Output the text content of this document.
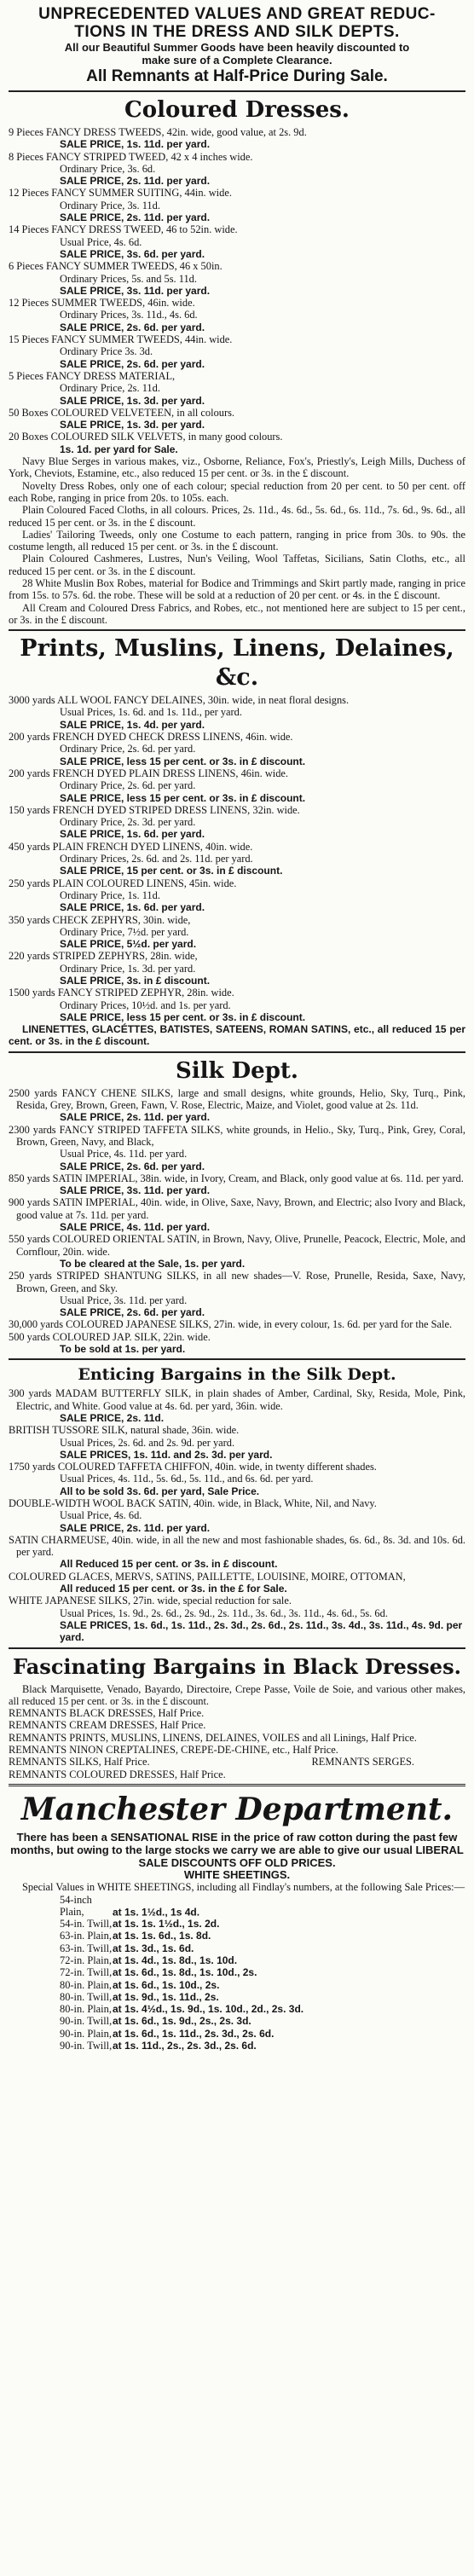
UNPRECEDENTED VALUES AND GREAT REDUC-
TIONS IN THE DRESS AND SILK DEPTS.
All our Beautiful Summer Goods have been heavily discounted to
make sure of a Complete Clearance.
All Remnants at Half-Price During Sale.
Coloured Dresses.

9 Pieces FANCY DRESS TWEEDS, 42in. wide, good value, at 2s. 9d.

SALE PRICE, 1s. 11d. per yard.

8 Pieces FANCY STRIPED TWEED, 42 x 4 inches wide.

Ordinary Price, 3s. 6d.
SALE PRICE, 2s. 11d. per yard.

12 Pieces FANCY SUMMER SUITING, 44in. wide.

Ordinary Price, 3s. 11d.
SALE PRICE, 2s. 11d. per yard.

14 Pieces FANCY DRESS TWEED, 46 to 52in. wide.

Usual Price, 4s. 6d.
SALE PRICE, 3s. 6d. per yard.

6 Pieces FANCY SUMMER TWEEDS, 46 x 50in.

Ordinary Prices, 5s. and 5s. 11d.
SALE PRICE, 3s. 11d. per yard.

12 Pieces SUMMER TWEEDS, 46in. wide.

Ordinary Prices, 3s. 11d., 4s. 6d.
SALE PRICE, 2s. 6d. per yard.

15 Pieces FANCY SUMMER TWEEDS, 44in. wide.

Ordinary Price 3s. 3d.
SALE PRICE, 2s. 6d. per yard.

5 Pieces FANCY DRESS MATERIAL,

Ordinary Price, 2s. 11d.
SALE PRICE, 1s. 3d. per yard.

50 Boxes COLOURED VELVETEEN, in all colours.

SALE PRICE, 1s. 3d. per yard.

20 Boxes COLOURED SILK VELVETS, in many good colours.

1s. 1d. per yard for Sale.

Navy Blue Serges in various makes, viz., Osborne, Reliance, Fox's, Priestly's, Leigh Mills, Duchess of York, Cheviots, Estamine, etc., also reduced 15 per cent. or 3s. in the £ discount.

Novelty Dress Robes, only one of each colour; special reduction from 20 per cent. to 50 per cent. off each Robe, ranging in price from 20s. to 105s. each.

Plain Coloured Faced Cloths, in all colours. Prices, 2s. 11d., 4s. 6d., 5s. 6d., 6s. 11d., 7s. 6d., 9s. 6d., all reduced 15 per cent. or 3s. in the £ discount.

Ladies' Tailoring Tweeds, only one Costume to each pattern, ranging in price from 30s. to 90s. the costume length, all reduced 15 per cent. or 3s. in the £ discount.

Plain Coloured Cashmeres, Lustres, Nun's Veiling, Wool Taffetas, Sicilians, Satin Cloths, etc., all reduced 15 per cent. or 3s. in the £ discount.

28 White Muslin Box Robes, material for Bodice and Trimmings and Skirt partly made, ranging in price from 15s. to 57s. 6d. the robe. These will be sold at a reduction of 20 per cent. or 4s. in the £ discount.

All Cream and Coloured Dress Fabrics, and Robes, etc., not mentioned here are subject to 15 per cent., or 3s. in the £ discount.

Prints, Muslins, Linens, Delaines, &c.

3000 yards ALL WOOL FANCY DELAINES, 30in. wide, in neat floral designs.

Usual Prices, 1s. 6d. and 1s. 11d., per yard.
SALE PRICE, 1s. 4d. per yard.

200 yards FRENCH DYED CHECK DRESS LINENS, 46in. wide.

Ordinary Price, 2s. 6d. per yard.
SALE PRICE, less 15 per cent. or 3s. in £ discount.

200 yards FRENCH DYED PLAIN DRESS LINENS, 46in. wide.

Ordinary Price, 2s. 6d. per yard.
SALE PRICE, less 15 per cent. or 3s. in £ discount.

150 yards FRENCH DYED STRIPED DRESS LINENS, 32in. wide.

Ordinary Price, 2s. 3d. per yard.
SALE PRICE, 1s. 6d. per yard.

450 yards PLAIN FRENCH DYED LINENS, 40in. wide.

Ordinary Prices, 2s. 6d. and 2s. 11d. per yard.
SALE PRICE, 15 per cent. or 3s. in £ discount.

250 yards PLAIN COLOURED LINENS, 45in. wide.

Ordinary Price, 1s. 11d.
SALE PRICE, 1s. 6d. per yard.

350 yards CHECK ZEPHYRS, 30in. wide,

Ordinary Price, 7½d. per yard.
SALE PRICE, 5½d. per yard.

220 yards STRIPED ZEPHYRS, 28in. wide,

Ordinary Price, 1s. 3d. per yard.
SALE PRICE, 3s. in £ discount.

1500 yards FANCY STRIPED ZEPHYR, 28in. wide.

Ordinary Prices, 10½d. and 1s. per yard.
SALE PRICE, less 15 per cent. or 3s. in £ discount.

LINENETTES, GLACÉTTES, BATISTES, SATEENS, ROMAN SATINS, etc., all reduced 15 per cent. or 3s. in the £ discount.

Silk Dept.

2500 yards FANCY CHENE SILKS, large and small designs, white grounds, Helio, Sky, Turq., Pink, Resida, Grey, Brown, Green, Fawn, V. Rose, Electric, Maize, and Violet, good value at 2s. 11d.

SALE PRICE, 2s. 11d. per yard.

2300 yards FANCY STRIPED TAFFETA SILKS, white grounds, in Helio., Sky, Turq., Pink, Grey, Coral, Brown, Green, Navy, and Black,

Usual Price, 4s. 11d. per yard.
SALE PRICE, 2s. 6d. per yard.

850 yards SATIN IMPERIAL, 38in. wide, in Ivory, Cream, and Black, only good value at 6s. 11d. per yard.

SALE PRICE, 3s. 11d. per yard.

900 yards SATIN IMPERIAL, 40in. wide, in Olive, Saxe, Navy, Brown, and Electric; also Ivory and Black, good value at 7s. 11d. per yard.

SALE PRICE, 4s. 11d. per yard.

550 yards COLOURED ORIENTAL SATIN, in Brown, Navy, Olive, Prunelle, Peacock, Electric, Mole, and Cornflour, 20in. wide.

To be cleared at the Sale, 1s. per yard.

250 yards STRIPED SHANTUNG SILKS, in all new shades—V. Rose, Prunelle, Resida, Saxe, Navy, Brown, Green, and Sky.

Usual Price, 3s. 11d. per yard.
SALE PRICE, 2s. 6d. per yard.

30,000 yards COLOURED JAPANESE SILKS, 27in. wide, in every colour, 1s. 6d. per yard for the Sale.

500 yards COLOURED JAP. SILK, 22in. wide.

To be sold at 1s. per yard.
Enticing Bargains in the Silk Dept.

300 yards MADAM BUTTERFLY SILK, in plain shades of Amber, Cardinal, Sky, Resida, Mole, Pink, Electric, and White. Good value at 4s. 6d. per yard, 36in. wide.

SALE PRICE, 2s. 11d.

BRITISH TUSSORE SILK, natural shade, 36in. wide.

Usual Prices, 2s. 6d. and 2s. 9d. per yard.
SALE PRICES, 1s. 11d. and 2s. 3d. per yard.

1750 yards COLOURED TAFFETA CHIFFON, 40in. wide, in twenty different shades.

Usual Prices, 4s. 11d., 5s. 6d., 5s. 11d., and 6s. 6d. per yard.
All to be sold 3s. 6d. per yard, Sale Price.

DOUBLE-WIDTH WOOL BACK SATIN, 40in. wide, in Black, White, Nil, and Navy.

Usual Price, 4s. 6d.
SALE PRICE, 2s. 11d. per yard.

SATIN CHARMEUSE, 40in. wide, in all the new and most fashionable shades, 6s. 6d., 8s. 3d. and 10s. 6d. per yard.

All Reduced 15 per cent. or 3s. in £ discount.

COLOURED GLACES, MERVS, SATINS, PAILLETTE, LOUISINE, MOIRE, OTTOMAN,

All reduced 15 per cent. or 3s. in the £ for Sale.

WHITE JAPANESE SILKS, 27in. wide, special reduction for sale.

Usual Prices, 1s. 9d., 2s. 6d., 2s. 9d., 2s. 11d., 3s. 6d., 3s. 11d., 4s. 6d., 5s. 6d.
SALE PRICES, 1s. 6d., 1s. 11d., 2s. 3d., 2s. 6d., 2s. 11d., 3s. 4d., 3s. 11d., 4s. 9d. per yard.
Fascinating Bargains in Black Dresses.

Black Marquisette, Venado, Bayardo, Directoire, Crepe Passe, Voile de Soie, and various other makes, all reduced 15 per cent. or 3s. in the £ discount.

REMNANTS BLACK DRESSES, Half Price.

REMNANTS CREAM DRESSES, Half Price.

REMNANTS PRINTS, MUSLINS, LINENS, DELAINES, VOILES and all Linings, Half Price.

REMNANTS NINON CREPTALINES, CREPE-DE-CHINE, etc., Half Price.

REMNANTS SILKS, Half Price.	REMNANTS SERGES.

REMNANTS COLOURED DRESSES, Half Price.

Manchester Department.
There has been a SENSATIONAL RISE in the price of raw cotton during the past few months, but owing to the large stocks we carry we are able to give our usual LIBERAL SALE DISCOUNTS OFF OLD PRICES.
WHITE SHEETINGS.

Special Values in WHITE SHEETINGS, including all Findlay's numbers, at the following Sale Prices:—

54-inch Plain,	at 1s. 1½d., 1s 4d.
54-in. Twill,at 1s. 1s. 1½d., 1s. 2d.
63-in. Plain,at 1s. 1s. 6d., 1s. 8d.
63-in. Twill,at 1s. 3d., 1s. 6d.
72-in. Plain,at 1s. 4d., 1s. 8d., 1s. 10d.
72-in. Twill,at 1s. 6d., 1s. 8d., 1s. 10d., 2s.
80-in. Plain,at 1s. 6d., 1s. 10d., 2s.
80-in. Twill,at 1s. 9d., 1s. 11d., 2s.
80-in. Plain,at 1s. 4½d., 1s. 9d., 1s. 10d., 2d., 2s. 3d.
90-in. Twill,at 1s. 6d., 1s. 9d., 2s., 2s. 3d.
90-in. Plain,at 1s. 6d., 1s. 11d., 2s. 3d., 2s. 6d.
90-in. Twill,at 1s. 11d., 2s., 2s. 3d., 2s. 6d.
